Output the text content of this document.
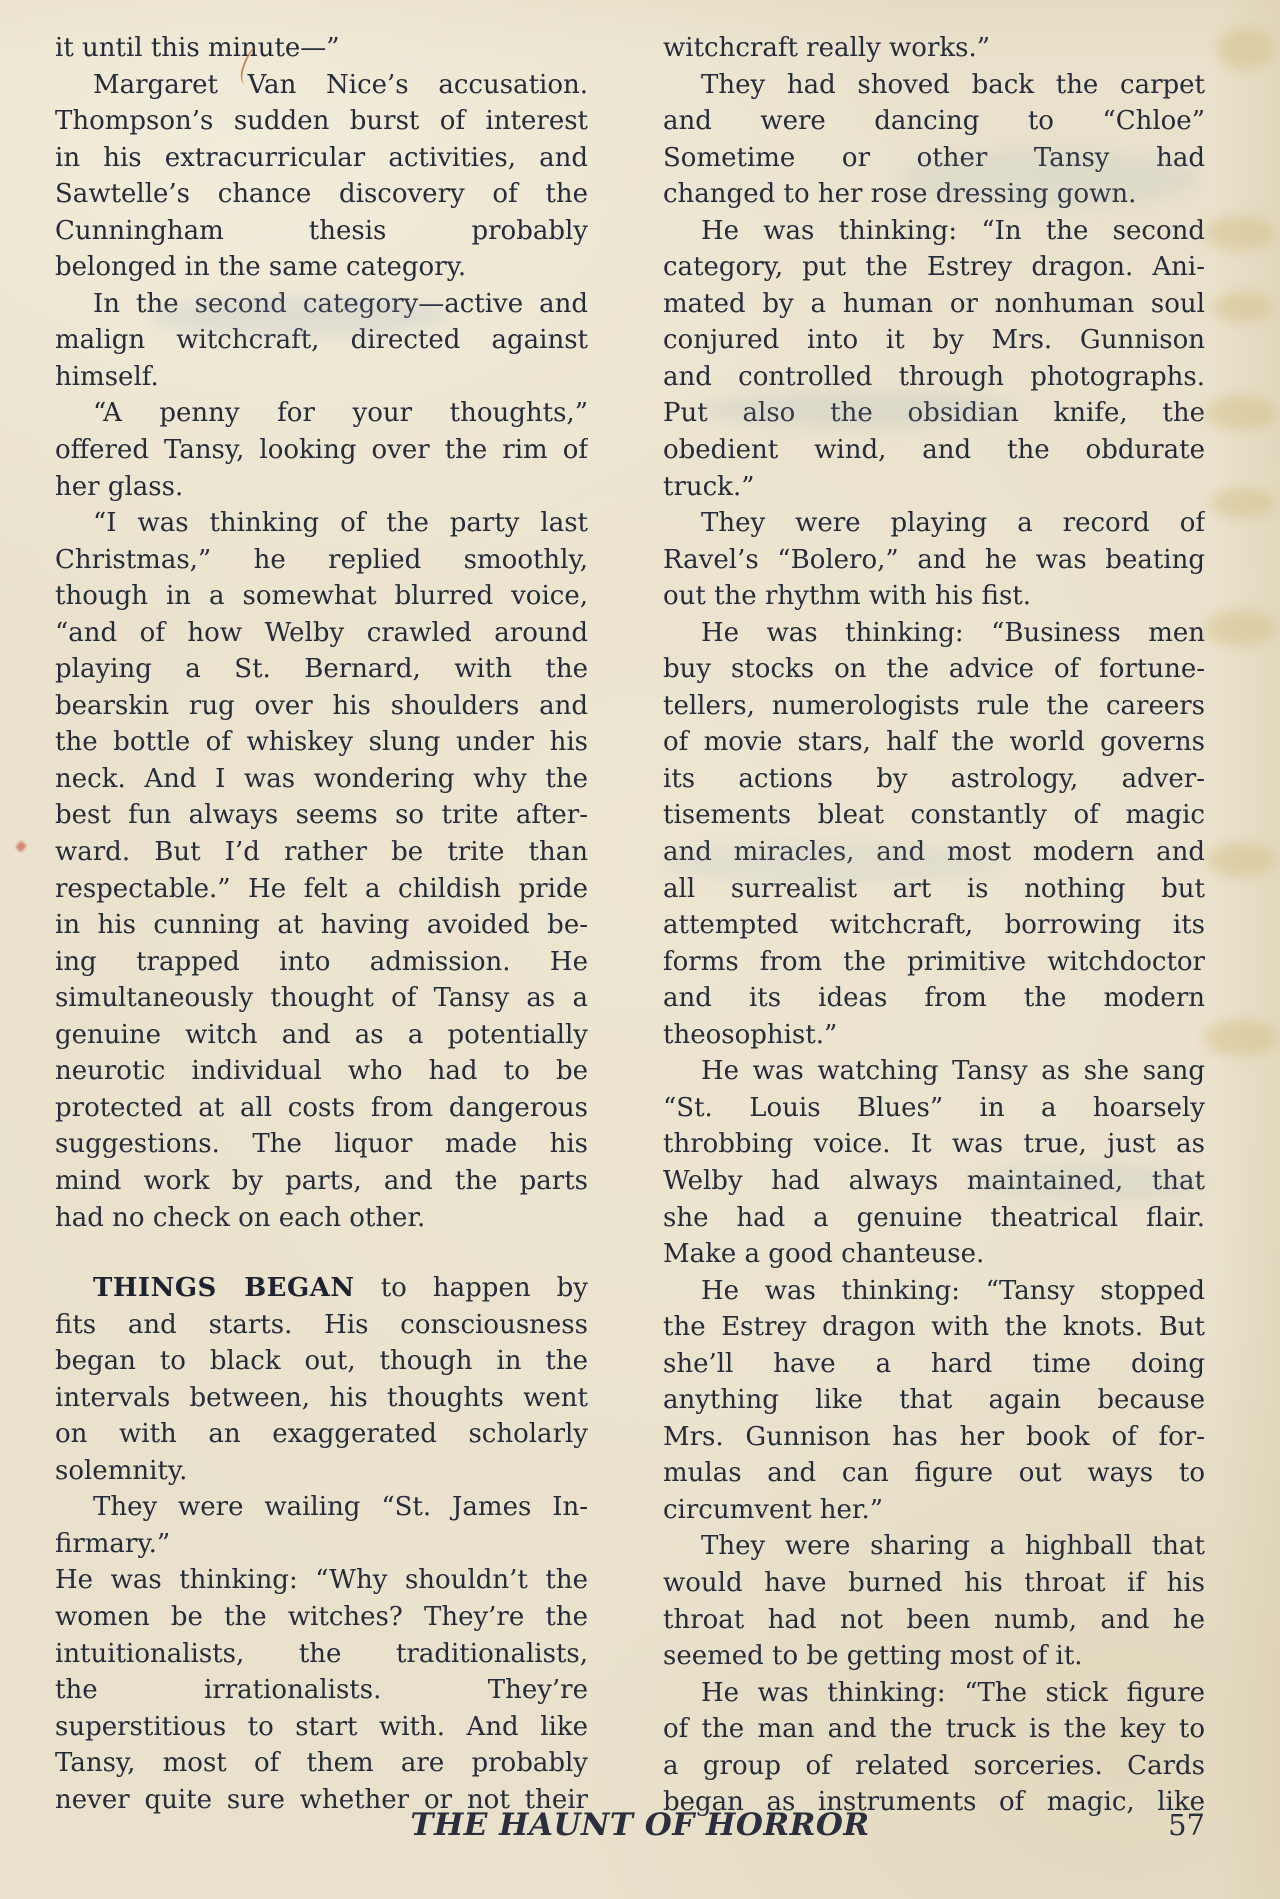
it until this minute—”
Margaret Van Nice’s accusation.
Thompson’s sudden burst of interest
in his extracurricular activities, and
Sawtelle’s chance discovery of the
Cunningham thesis probably
belonged in the same category.
In the second category—active and
malign witchcraft, directed against
himself.
“A penny for your thoughts,”
offered Tansy, looking over the rim of
her glass.
“I was thinking of the party last
Christmas,” he replied smoothly,
though in a somewhat blurred voice,
“and of how Welby crawled around
playing a St. Bernard, with the
bearskin rug over his shoulders and
the bottle of whiskey slung under his
neck. And I was wondering why the
best fun always seems so trite after-
ward. But I’d rather be trite than
respectable.” He felt a childish pride
in his cunning at having avoided be-
ing trapped into admission. He
simultaneously thought of Tansy as a
genuine witch and as a potentially
neurotic individual who had to be
protected at all costs from dangerous
suggestions. The liquor made his
mind work by parts, and the parts
had no check on each other.
THINGS BEGAN to happen by
fits and starts. His consciousness
began to black out, though in the
intervals between, his thoughts went
on with an exaggerated scholarly
solemnity.
They were wailing “St. James In-
firmary.”
He was thinking: “Why shouldn’t the
women be the witches? They’re the
intuitionalists, the traditionalists,
the irrationalists. They’re
superstitious to start with. And like
Tansy, most of them are probably
never quite sure whether or not their
witchcraft really works.”
They had shoved back the carpet
and were dancing to “Chloe”
Sometime or other Tansy had
changed to her rose dressing gown.
He was thinking: “In the second
category, put the Estrey dragon. Ani-
mated by a human or nonhuman soul
conjured into it by Mrs. Gunnison
and controlled through photographs.
Put also the obsidian knife, the
obedient wind, and the obdurate
truck.”
They were playing a record of
Ravel’s “Bolero,” and he was beating
out the rhythm with his fist.
He was thinking: “Business men
buy stocks on the advice of fortune-
tellers, numerologists rule the careers
of movie stars, half the world governs
its actions by astrology, adver-
tisements bleat constantly of magic
and miracles, and most modern and
all surrealist art is nothing but
attempted witchcraft, borrowing its
forms from the primitive witchdoctor
and its ideas from the modern
theosophist.”
He was watching Tansy as she sang
“St. Louis Blues” in a hoarsely
throbbing voice. It was true, just as
Welby had always maintained, that
she had a genuine theatrical flair.
Make a good chanteuse.
He was thinking: “Tansy stopped
the Estrey dragon with the knots. But
she’ll have a hard time doing
anything like that again because
Mrs. Gunnison has her book of for-
mulas and can figure out ways to
circumvent her.”
They were sharing a highball that
would have burned his throat if his
throat had not been numb, and he
seemed to be getting most of it.
He was thinking: “The stick figure
of the man and the truck is the key to
a group of related sorceries. Cards
began as instruments of magic, like
THE HAUNT OF HORROR	57
